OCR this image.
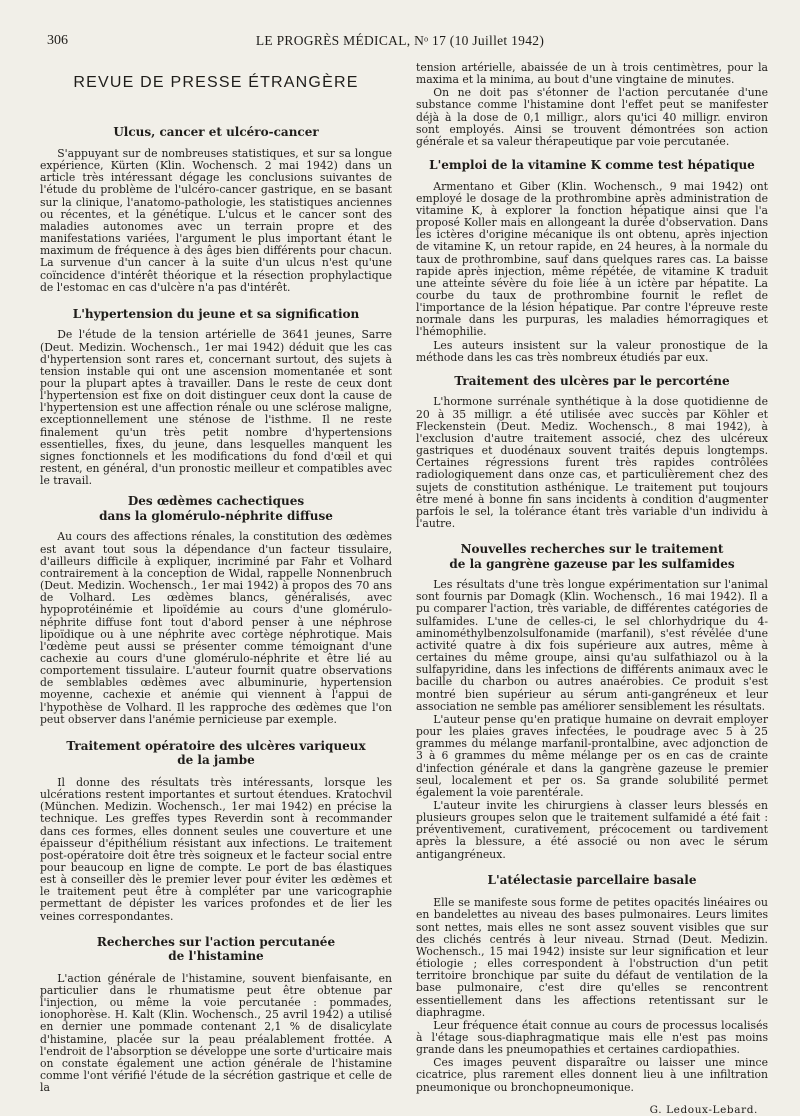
306	LE PROGRÈS MÉDICAL, Nᵒ 17 (10 Juillet 1942)
REVUE DE PRESSE ÉTRANGÈRE
Ulcus, cancer et ulcéro-cancer

S'appuyant sur de nombreuses statistiques, et sur sa longue expérience, Kürten (Klin. Wochensch. 2 mai 1942) dans un article très intéressant dégage les conclusions suivantes de l'étude du problème de l'ulcéro-cancer gastrique, en se basant sur la clinique, l'anatomo-pathologie, les statistiques anciennes ou récentes, et la génétique. L'ulcus et le cancer sont des maladies autonomes avec un terrain propre et des manifestations variées, l'argument le plus important étant le maximum de fréquence à des âges bien différents pour chacun. La survenue d'un cancer à la suite d'un ulcus n'est qu'une coïncidence d'intérêt théorique et la résection prophylactique de l'estomac en cas d'ulcère n'a pas d'intérêt.

L'hypertension du jeune et sa signification

De l'étude de la tension artérielle de 3641 jeunes, Sarre (Deut. Medizin. Wochensch., 1er mai 1942) déduit que les cas d'hypertension sont rares et, concernant surtout, des sujets à tension instable qui ont une ascension momentanée et sont pour la plupart aptes à travailler. Dans le reste de ceux dont l'hypertension est fixe on doit distinguer ceux dont la cause de l'hypertension est une affection rénale ou une sclérose maligne, exceptionnellement une sténose de l'isthme. Il ne reste finalement qu'un très petit nombre d'hypertensions essentielles, fixes, du jeune, dans lesquelles manquent les signes fonctionnels et les modifications du fond d'œil et qui restent, en général, d'un pronostic meilleur et compatibles avec le travail.

Des œdèmes cachectiques
dans la glomérulo-néphrite diffuse

Au cours des affections rénales, la constitution des œdèmes est avant tout sous la dépendance d'un facteur tissulaire, d'ailleurs difficile à expliquer, incriminé par Fahr et Volhard contrairement à la conception de Widal, rappelle Nonnenbruch (Deut. Medizin. Wochensch., 1er mai 1942) à propos des 70 ans de Volhard. Les œdèmes blancs, généralisés, avec hypoprotéinémie et lipoïdémie au cours d'une glomérulo-néphrite diffuse font tout d'abord penser à une néphrose lipoïdique ou à une néphrite avec cortège néphrotique. Mais l'œdème peut aussi se présenter comme témoignant d'une cachexie au cours d'une glomérulo-néphrite et être lié au comportement tissulaire. L'auteur fournit quatre observations de semblables œdèmes avec albuminurie, hypertension moyenne, cachexie et anémie qui viennent à l'appui de l'hypothèse de Volhard. Il les rapproche des œdèmes que l'on peut observer dans l'anémie pernicieuse par exemple.

Traitement opératoire des ulcères variqueux
de la jambe

Il donne des résultats très intéressants, lorsque les ulcérations restent importantes et surtout étendues. Kratochvil (München. Medizin. Wochensch., 1er mai 1942) en précise la technique. Les greffes types Reverdin sont à recommander dans ces formes, elles donnent seules une couverture et une épaisseur d'épithélium résistant aux infections. Le traitement post-opératoire doit être très soigneux et le facteur social entre pour beaucoup en ligne de compte. Le port de bas élastiques est à conseiller dès le premier lever pour éviter les œdèmes et le traitement peut être à compléter par une varicographie permettant de dépister les varices profondes et de lier les veines correspondantes.

Recherches sur l'action percutanée
de l'histamine

L'action générale de l'histamine, souvent bienfaisante, en particulier dans le rhumatisme peut être obtenue par l'injection, ou même la voie percutanée : pommades, ionophorèse. H. Kalt (Klin. Wochensch., 25 avril 1942) a utilisé en dernier une pommade contenant 2,1 % de disalicylate d'histamine, placée sur la peau préalablement frottée. A l'endroit de l'absorption se développe une sorte d'urticaire mais on constate également une action générale de l'histamine comme l'ont vérifié l'étude de la sécrétion gastrique et celle de la

tension artérielle, abaissée de un à trois centimètres, pour la maxima et la minima, au bout d'une vingtaine de minutes.

On ne doit pas s'étonner de l'action percutanée d'une substance comme l'histamine dont l'effet peut se manifester déjà à la dose de 0,1 milligr., alors qu'ici 40 milligr. environ sont employés. Ainsi se trouvent démontrées son action générale et sa valeur thérapeutique par voie percutanée.

L'emploi de la vitamine K comme test hépatique

Armentano et Giber (Klin. Wochensch., 9 mai 1942) ont employé le dosage de la prothrombine après administration de vitamine K, à explorer la fonction hépatique ainsi que l'a proposé Koller mais en allongeant la durée d'observation. Dans les ictères d'origine mécanique ils ont obtenu, après injection de vitamine K, un retour rapide, en 24 heures, à la normale du taux de prothrombine, sauf dans quelques rares cas. La baisse rapide après injection, même répétée, de vitamine K traduit une atteinte sévère du foie liée à un ictère par hépatite. La courbe du taux de prothrombine fournit le reflet de l'importance de la lésion hépatique. Par contre l'épreuve reste normale dans les purpuras, les maladies hémorragiques et l'hémophilie.

Les auteurs insistent sur la valeur pronostique de la méthode dans les cas très nombreux étudiés par eux.

Traitement des ulcères par le percorténe

L'hormone surrénale synthétique à la dose quotidienne de 20 à 35 milligr. a été utilisée avec succès par Köhler et Fleckenstein (Deut. Mediz. Wochensch., 8 mai 1942), à l'exclusion d'autre traitement associé, chez des ulcéreux gastriques et duodénaux souvent traités depuis longtemps. Certaines régressions furent très rapides contrôlées radiologiquement dans onze cas, et particulièrement chez des sujets de constitution asthénique. Le traitement put toujours être mené à bonne fin sans incidents à condition d'augmenter parfois le sel, la tolérance étant très variable d'un individu à l'autre.

Nouvelles recherches sur le traitement
de la gangrène gazeuse par les sulfamides

Les résultats d'une très longue expérimentation sur l'animal sont fournis par Domagk (Klin. Wochensch., 16 mai 1942). Il a pu comparer l'action, très variable, de différentes catégories de sulfamides. L'une de celles-ci, le sel chlorhydrique du 4-aminométhylbenzolsulfonamide (marfanil), s'est révélée d'une activité quatre à dix fois supérieure aux autres, même à certaines du même groupe, ainsi qu'au sulfathiazol ou à la sulfapyridine, dans les infections de différents animaux avec le bacille du charbon ou autres anaérobies. Ce produit s'est montré bien supérieur au sérum anti-gangréneux et leur association ne semble pas améliorer sensiblement les résultats.

L'auteur pense qu'en pratique humaine on devrait employer pour les plaies graves infectées, le poudrage avec 5 à 25 grammes du mélange marfanil-prontalbine, avec adjonction de 3 à 6 grammes du même mélange per os en cas de crainte d'infection générale et dans la gangrène gazeuse le premier seul, localement et per os. Sa grande solubilité permet également la voie parentérale.

L'auteur invite les chirurgiens à classer leurs blessés en plusieurs groupes selon que le traitement sulfamidé a été fait : préventivement, curativement, précocement ou tardivement après la blessure, a été associé ou non avec le sérum antigangréneux.

L'atélectasie parcellaire basale

Elle se manifeste sous forme de petites opacités linéaires ou en bandelettes au niveau des bases pulmonaires. Leurs limites sont nettes, mais elles ne sont assez souvent visibles que sur des clichés centrés à leur niveau. Strnad (Deut. Medizin. Wochensch., 15 mai 1942) insiste sur leur signification et leur étiologie ; elles correspondent à l'obstruction d'un petit territoire bronchique par suite du défaut de ventilation de la base pulmonaire, c'est dire qu'elles se rencontrent essentiellement dans les affections retentissant sur le diaphragme.

Leur fréquence était connue au cours de processus localisés à l'étage sous-diaphragmatique mais elle n'est pas moins grande dans les pneumopathies et certaines cardiopathies.

Ces images peuvent disparaître ou laisser une mince cicatrice, plus rarement elles donnent lieu à une infiltration pneumonique ou bronchopneumonique.

G. Ledoux-Lebard.
